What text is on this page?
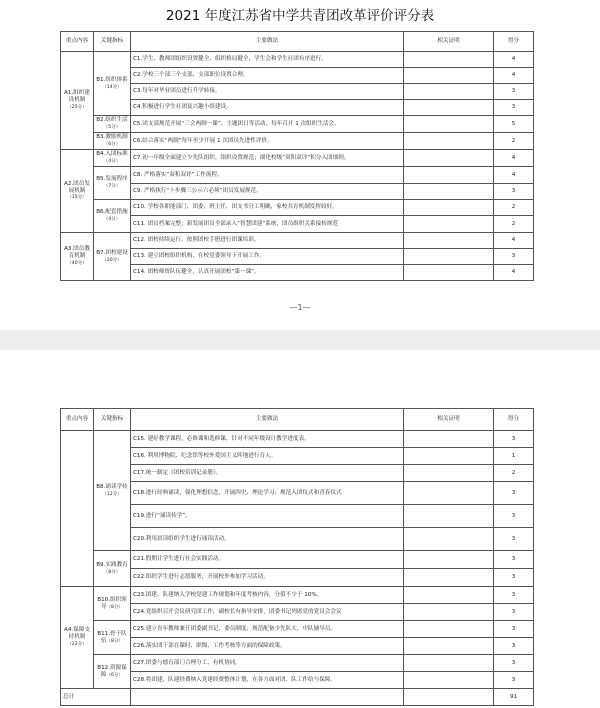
2021 年度江苏省中学共青团改革评价评分表
重点内容	关键指标	主要做法	相关证明	得分
A1.组织建设机制
（25分）	B1.组织体系（14分）	C1.学生、教师团组织设置健全、组织格局健全，学生会和学生社团有序进行。		4
		C2.学校三个部三个支部，支部职位设置合理。		4
		C3.每年对毕业团员进行升学转接。		3
		C4.积极进行学生社团及兴趣小组建设。		3
	B2.组织生活（5分）	C5.团支部规范开展“三会两制一课”、主题团日等活动，每年召开 1 次组织生活会。		5
	B3.激励机制（6分）	C6.结合落实“两制”每年至少开展 1 次团员先进性评价。		2
A2.团员发展机制
（15分）	B4.入团标准（4分）	C7.初一年级全面建立少先队组织，组织设置规范；细化校级“双积双评”积分入团细则。		4
	B5.发展程序（7分）	C8. 严格落实“双积双评”工作流程。		4
		C9. 严格执行“十步骤三公示六必须”团员发展规范。		3
	B6.配套措施（4分）	C10. 学校各职能部门、团委、班主任、团支书分工明确，家校共育机制发挥较好。		2
		C11. 团员档案完整；新发展团员全部录入“智慧团建”系统，团员组织关系接转规范		2
A3.团员教育机制
（40分）	B7.团校建设（20分）	C12. 团校持续运行，按照团校手册进行团课培训。		4
		C13. 建立团校组织机构，在校党委领导下开展工作。		3
		C14. 团校师资队伍健全，认真开展团校“第一课”。		4
—1—
重点内容	关键指标	主要做法	相关证明	得分
	B8.诵读学传（12分）	C15. 建好教学课程，必修课和选修课，针对不同年级设计教学进度表。		3
		C16. 利用博物院、纪念馆等校外爱国主义阵地进行育人。		1
		C17.统一制定《团校培训记录册》。		2
		C18.进行经典诵读，强化理想信念，开展四史、理论学习；规范入团仪式和青春仪式		3
		C19.进行“诵读传学”。		3
		C20.利用晨读组织学生进行诵读活动。		3
	B9.实践教育（8分）	C21.假期让学生进行社会实践活动。		3
		C22.组织学生进行志愿服务，开展校外参加学习活动。		3
A4.保障支持机制
（22分）	B10.组织领导（8分）	C23.团建、队建纳入学校党建工作规划和年度考核内容，分值不少于 10%。		3
		C24.党组织召开会议研究团工作，副校长有指导安排，团委书记列席党的党员会会议		3
	B11.骨干队伍（8分）	C25.建立青年教师兼任团委副书记、委员制度；规范配备少先队大、中队辅导员。		3
		C26.落实团干部在课时、职级、工作考核等方面的保障政策。		3
	B12.资源保障（6分）	C27.团委与德育部门合理分工、有机协同。		3
		C28.将团建、队建经费纳入党建经费整体计划，在各方面对团、队工作给与保障。		3
总计				91
